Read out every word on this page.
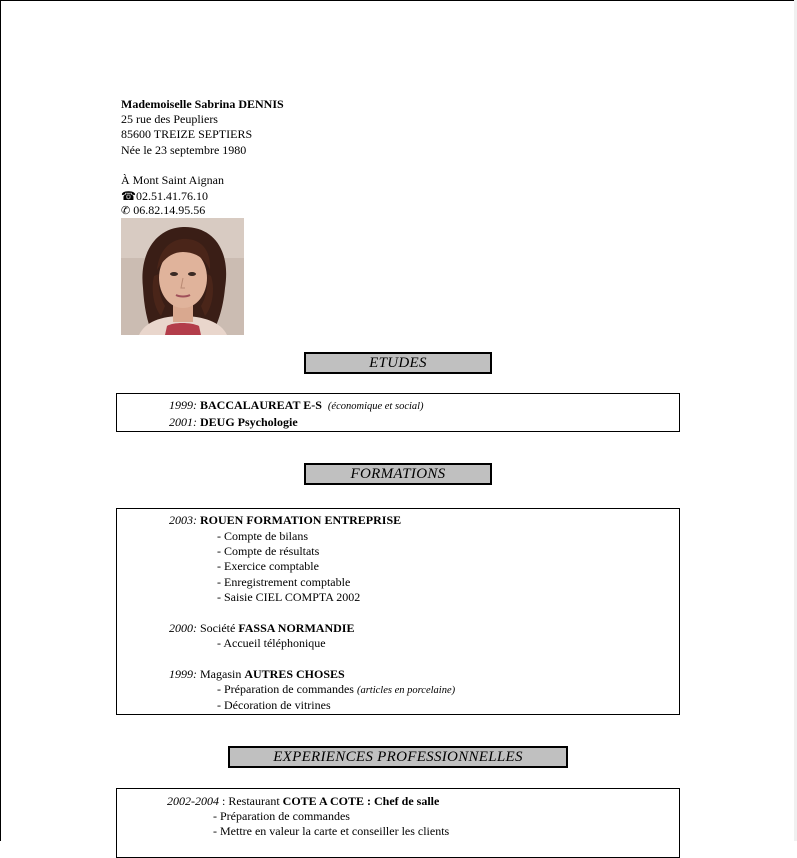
Mademoiselle Sabrina DENNIS
25 rue des Peupliers
85600 TREIZE SEPTIERS
Née le 23 septembre 1980
À Mont Saint Aignan
☎02.51.41.76.10
✆ 06.82.14.95.56
ETUDES
1999: BACCALAUREAT E-S (économique et social)
2001: DEUG Psychologie
FORMATIONS
2003: ROUEN FORMATION ENTREPRISE
- Compte de bilans
- Compte de résultats
- Exercice comptable
- Enregistrement comptable
- Saisie CIEL COMPTA 2002
2000: Société FASSA NORMANDIE
- Accueil téléphonique
1999: Magasin AUTRES CHOSES
- Préparation de commandes (articles en porcelaine)
- Décoration de vitrines
EXPERIENCES PROFESSIONNELLES
2002-2004 : Restaurant COTE A COTE : Chef de salle
- Préparation de commandes
- Mettre en valeur la carte et conseiller les clients
